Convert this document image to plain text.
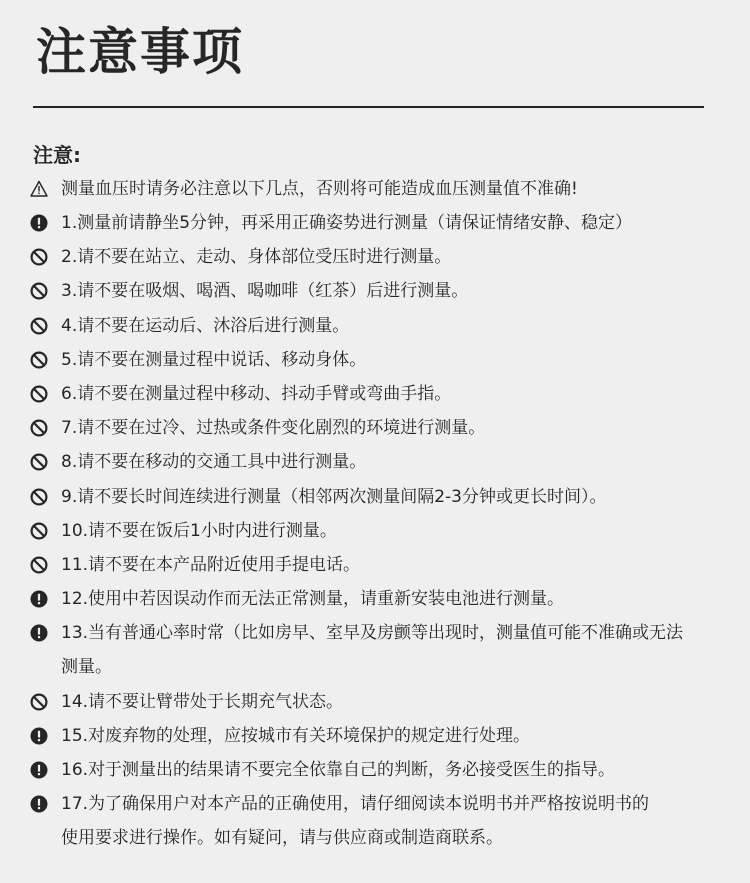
注意事项
注意:
测量血压时请务必注意以下几点，否则将可能造成血压测量值不准确!
1.测量前请静坐5分钟，再采用正确姿势进行测量（请保证情绪安静、稳定）
2.请不要在站立、走动、身体部位受压时进行测量。
3.请不要在吸烟、喝酒、喝咖啡（红茶）后进行测量。
4.请不要在运动后、沐浴后进行测量。
5.请不要在测量过程中说话、移动身体。
6.请不要在测量过程中移动、抖动手臂或弯曲手指。
7.请不要在过冷、过热或条件变化剧烈的环境进行测量。
8.请不要在移动的交通工具中进行测量。
9.请不要长时间连续进行测量（相邻两次测量间隔2-3分钟或更长时间）。
10.请不要在饭后1小时内进行测量。
11.请不要在本产品附近使用手提电话。
12.使用中若因误动作而无法正常测量，请重新安装电池进行测量。
13.当有普通心率时常（比如房早、室早及房颤等出现时，测量值可能不准确或无法
测量。
14.请不要让臂带处于长期充气状态。
15.对废弃物的处理，应按城市有关环境保护的规定进行处理。
16.对于测量出的结果请不要完全依靠自己的判断，务必接受医生的指导。
17.为了确保用户对本产品的正确使用，请仔细阅读本说明书并严格按说明书的
使用要求进行操作。如有疑问，请与供应商或制造商联系。
